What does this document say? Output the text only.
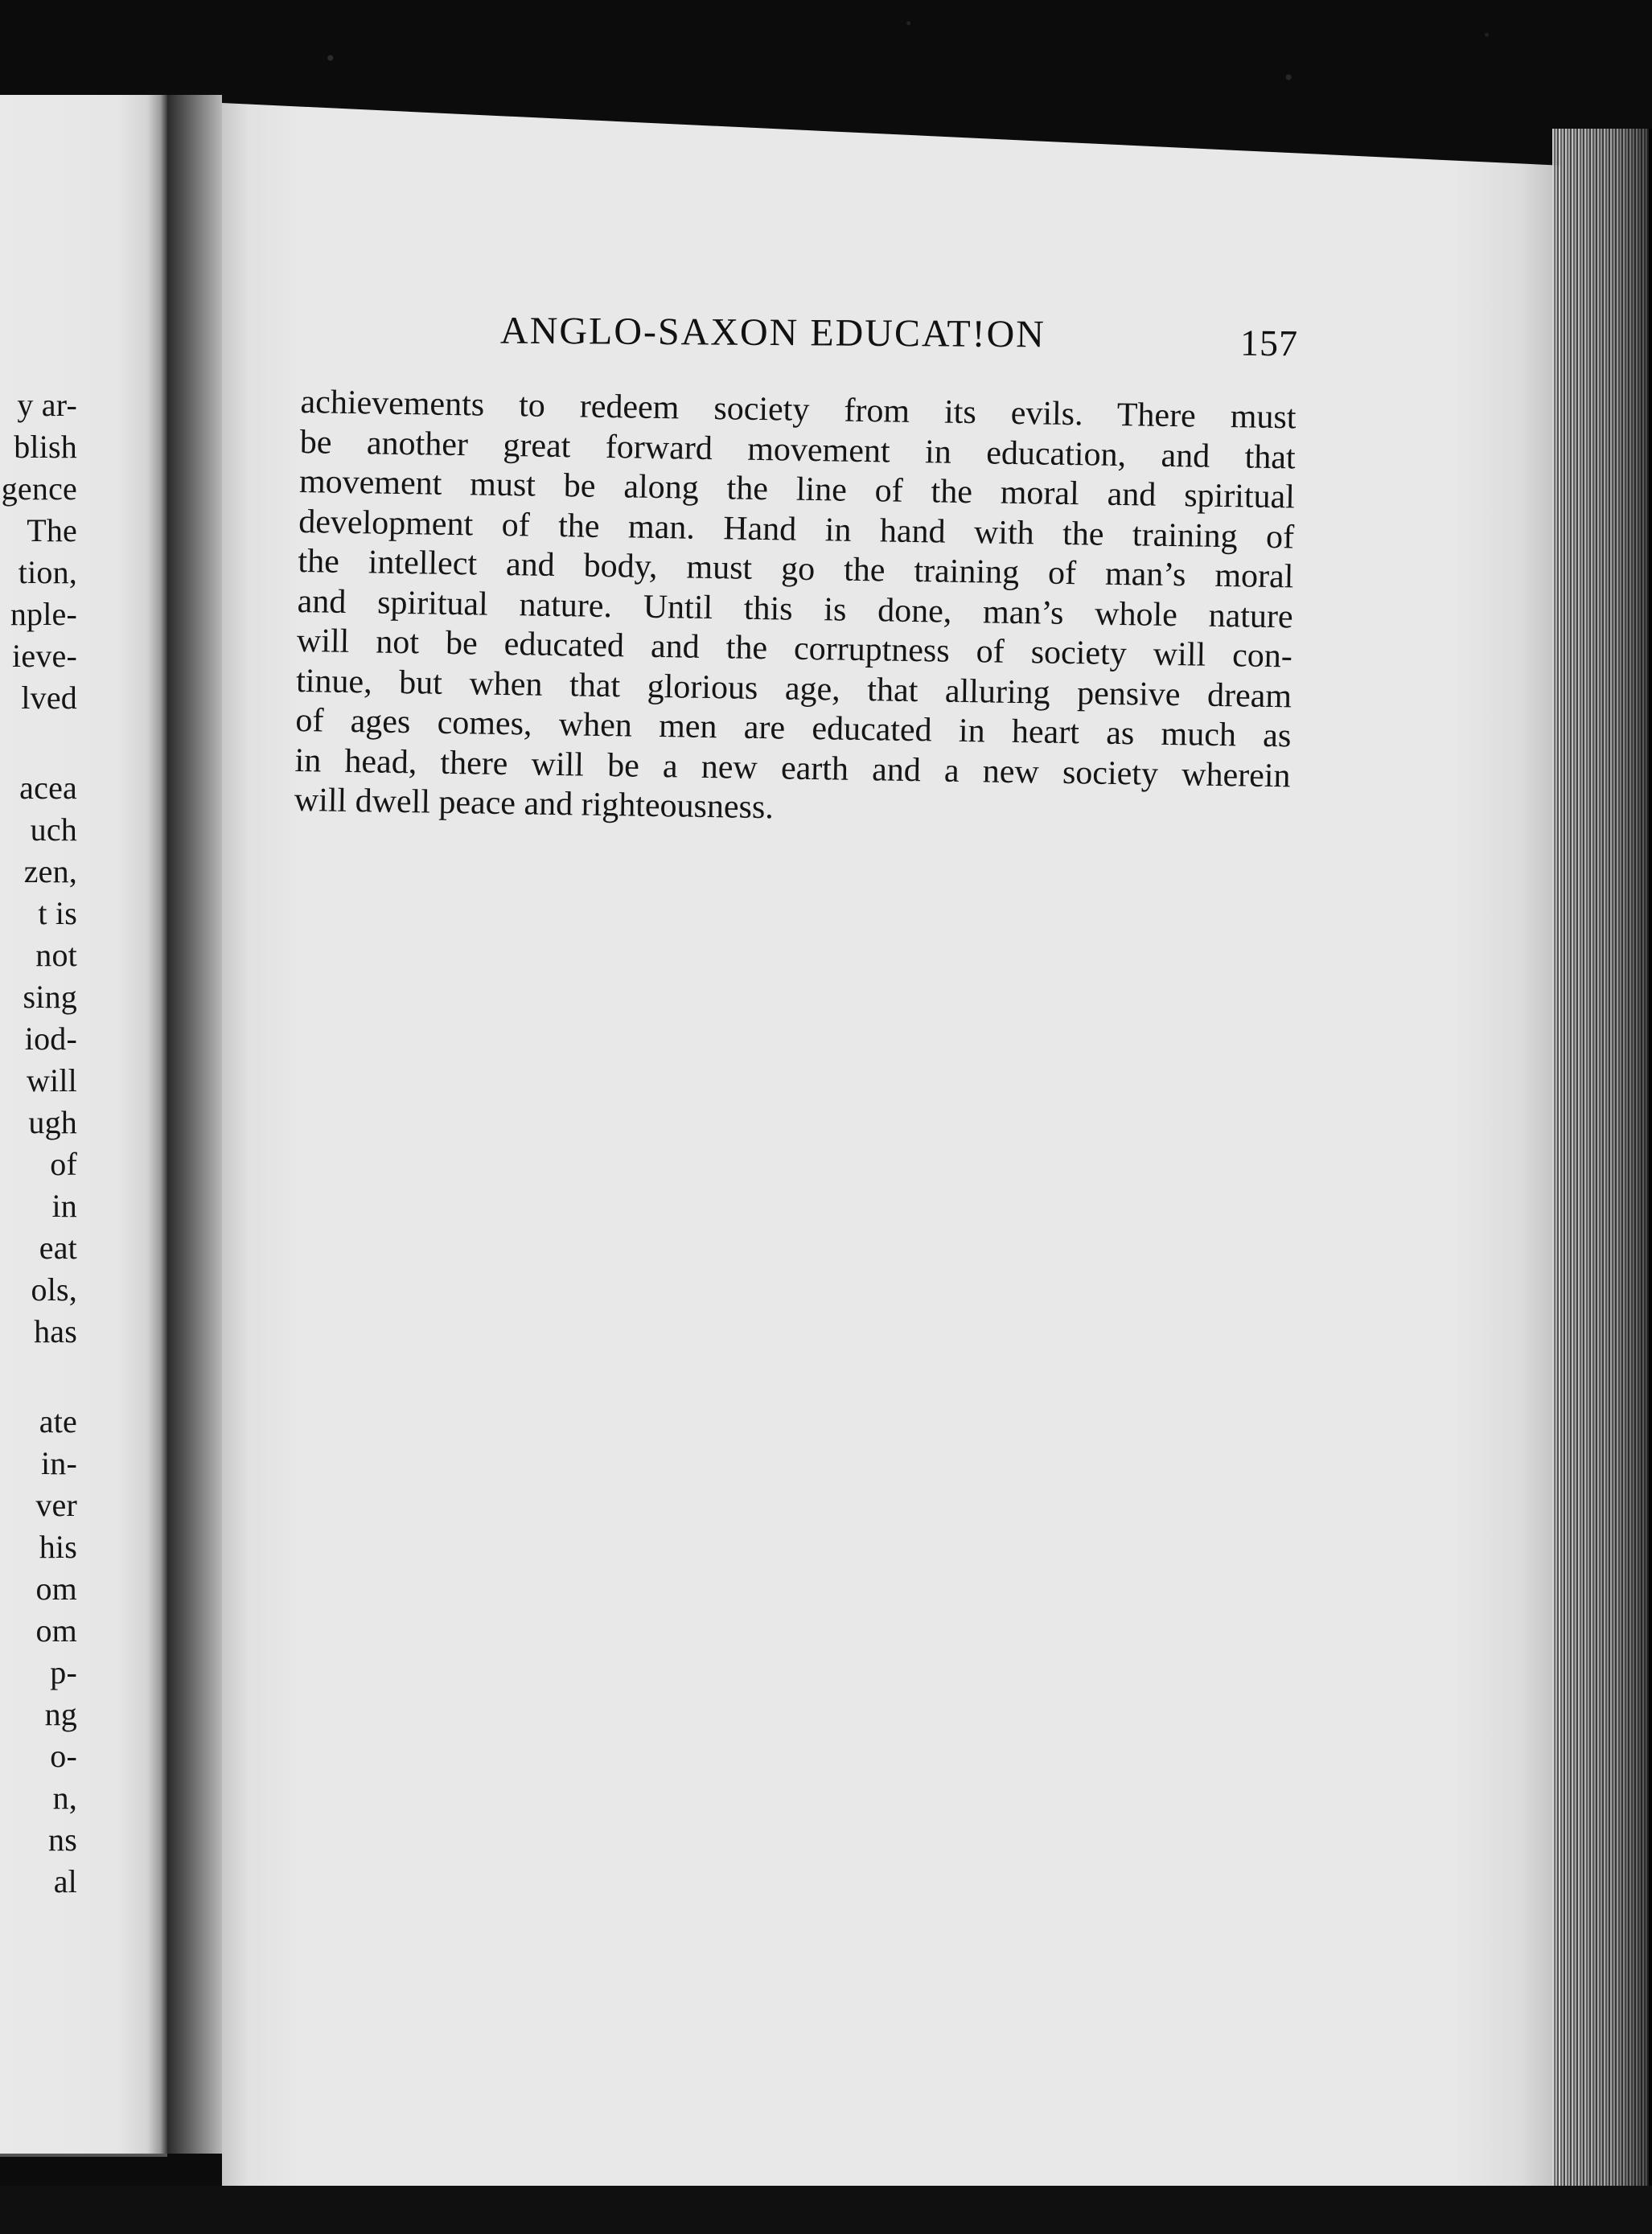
y ar-
blish
gence
The
tion,
nple-
ieve-
lved
acea
uch
zen,
t is
not
sing
iod-
will
ugh
of
in
eat
ols,
has
ate
in-
ver
his
om
om
p-
ng
o-
n,
ns
al
ANGLO-SAXON EDUCAT!ON	157
achievements to redeem society from its evils. There must
be another great forward movement in education, and that
movement must be along the line of the moral and spiritual
development of the man. Hand in hand with the training of
the intellect and body, must go the training of man’s moral
and spiritual nature. Until this is done, man’s whole nature
will not be educated and the corruptness of society will con-
tinue, but when that glorious age, that alluring pensive dream
of ages comes, when men are educated in heart as much as
in head, there will be a new earth and a new society wherein
will dwell peace and righteousness.
